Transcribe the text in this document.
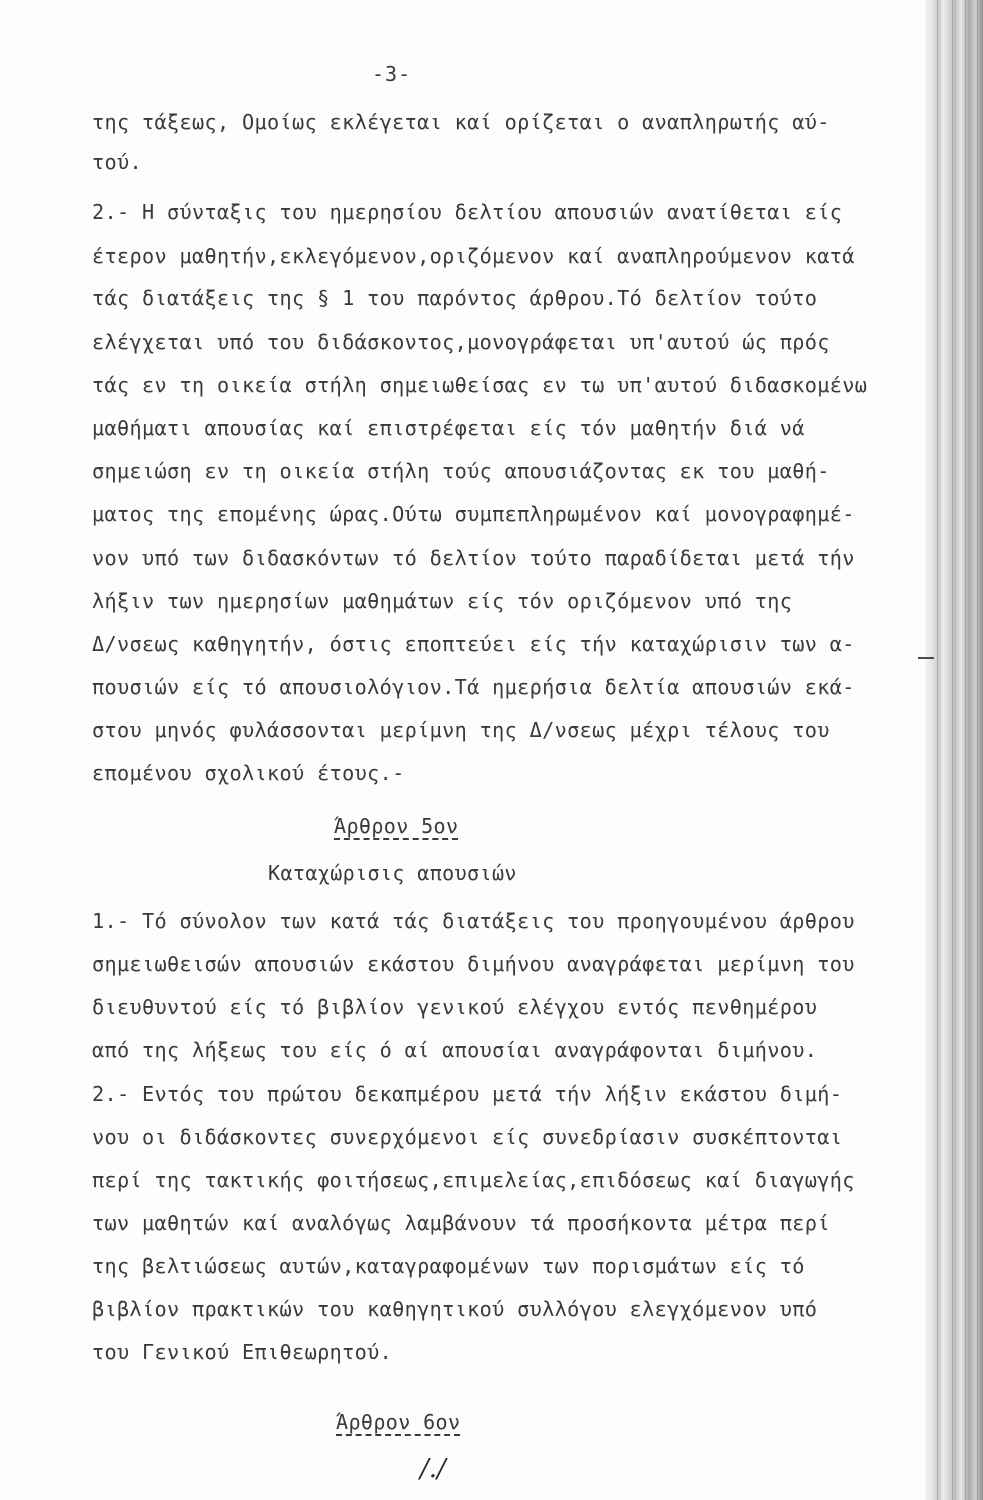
-3-
της τάξεως, Ομοίως εκλέγεται καί ορίζεται ο αναπληρωτής αύ-
τού.
2.- Η σύνταξις του ημερησίου δελτίου απουσιών ανατίθεται είς
έτερον μαθητήν,εκλεγόμενον,οριζόμενον καί αναπληρούμενον κατά
τάς διατάξεις της § 1 του παρόντος άρθρου.Τό δελτίον τούτο
ελέγχεται υπό του διδάσκοντος,μονογράφεται υπ'αυτού ώς πρός
τάς εν τη οικεία στήλη σημειωθείσας εν τω υπ'αυτού διδασκομένω
μαθήματι απουσίας καί επιστρέφεται είς τόν μαθητήν διά νά
σημειώση εν τη οικεία στήλη τούς απουσιάζοντας εκ του μαθή-
ματος της επομένης ώρας.Ούτω συμπεπληρωμένον καί μονογραφημέ-
νον υπό των διδασκόντων τό δελτίον τούτο παραδίδεται μετά τήν
λήξιν των ημερησίων μαθημάτων είς τόν οριζόμενον υπό της
Δ/νσεως καθηγητήν, όστις εποπτεύει είς τήν καταχώρισιν των α-
πουσιών είς τό απουσιολόγιον.Τά ημερήσια δελτία απουσιών εκά-
στου μηνός φυλάσσονται μερίμνη της Δ/νσεως μέχρι τέλους του
επομένου σχολικού έτους.-
1.- Τό σύνολον των κατά τάς διατάξεις του προηγουμένου άρθρου
σημειωθεισών απουσιών εκάστου διμήνου αναγράφεται μερίμνη του
διευθυντού είς τό βιβλίον γενικού ελέγχου εντός πενθημέρου
από της λήξεως του είς ό αί απουσίαι αναγράφονται διμήνου.
2.- Εντός του πρώτου δεκαπμέρου μετά τήν λήξιν εκάστου διμή-
νου οι διδάσκοντες συνερχόμενοι είς συνεδρίασιν συσκέπτονται
περί της τακτικής φοιτήσεως,επιμελείας,επιδόσεως καί διαγωγής
των μαθητών καί αναλόγως λαμβάνουν τά προσήκοντα μέτρα περί
της βελτιώσεως αυτών,καταγραφομένων των πορισμάτων είς τό
βιβλίον πρακτικών του καθηγητικού συλλόγου ελεγχόμενον υπό
του Γενικού Επιθεωρητού.
Άρθρον 5ον
Καταχώρισις απουσιών
Άρθρον 6ον
/./
